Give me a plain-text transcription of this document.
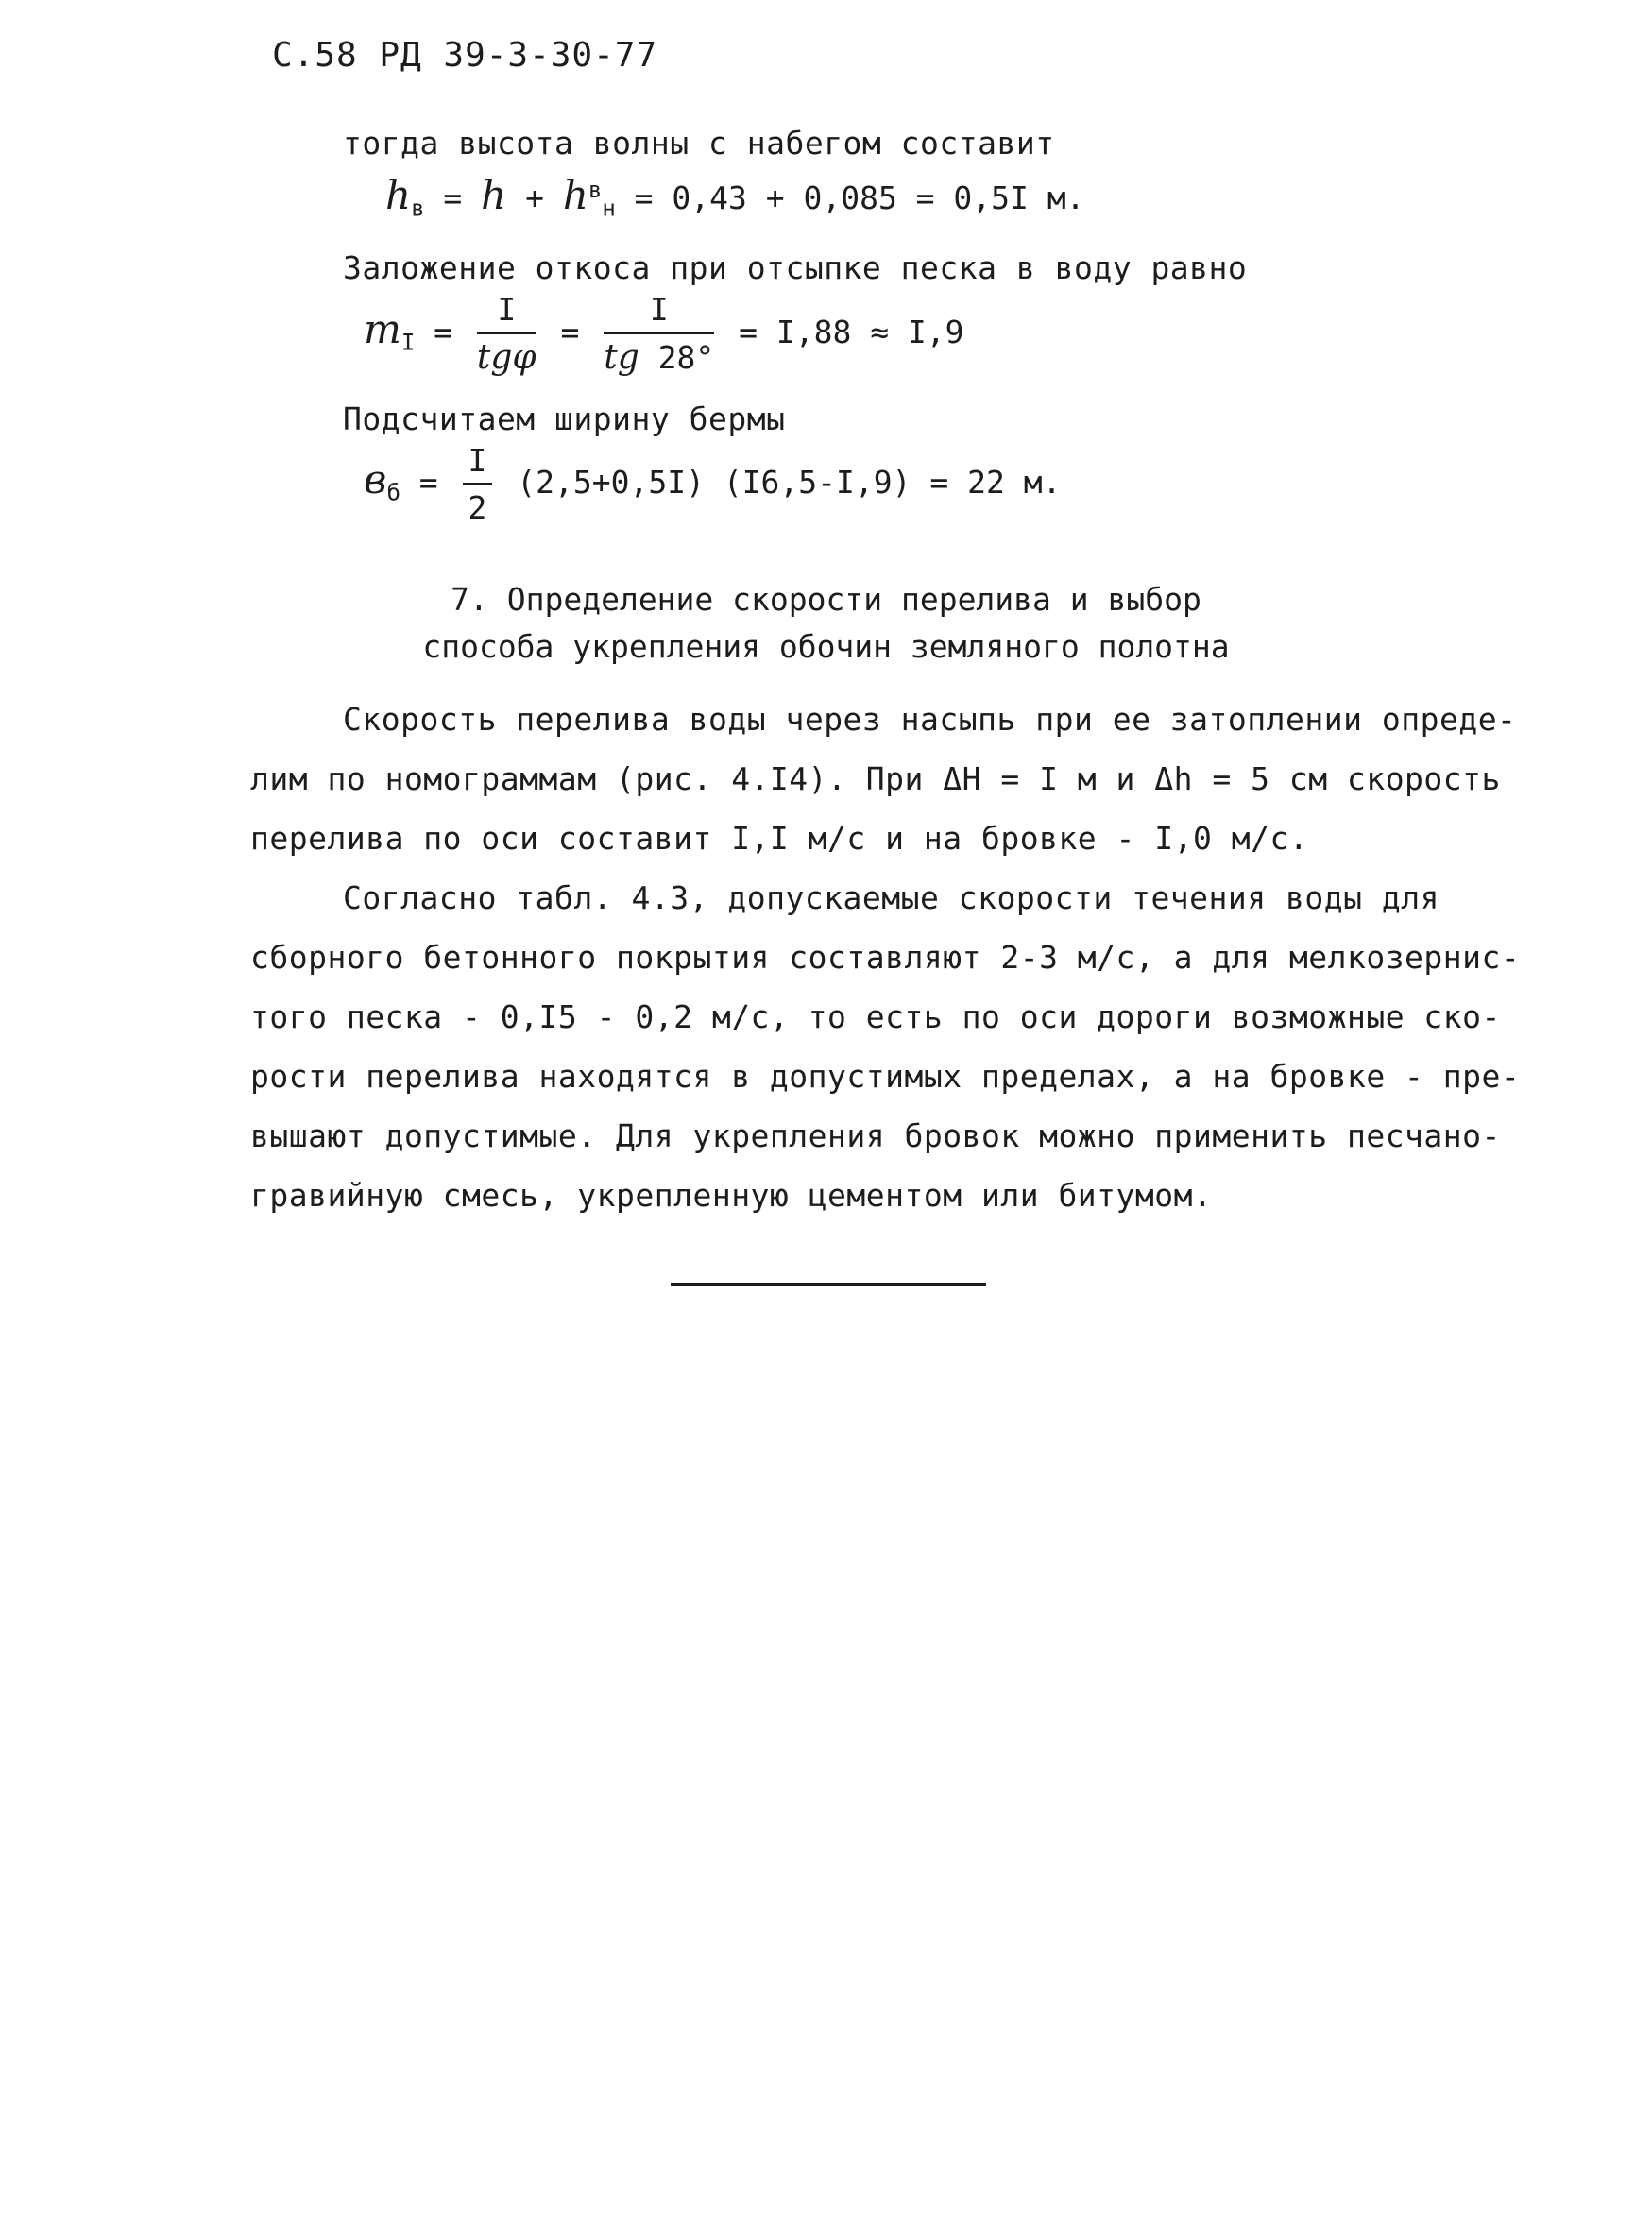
С.58 РД 39-3-30-77
тогда высота волны с набегом составит
$h_в = h + h^в_н = 0,43 + 0,085 = 0,5I$ м.
Заложение откоса при отсыпке песка в воду равно
$m_I = \frac{I}{\text{tgφ}} = \frac{I}{tg 28^\circ} = I,88 \approx I,9$
Подсчитаем ширину бермы
$в_б = \frac{I}{2} (2,5+0,5I) (I6,5-I,9) = 22$ м.
7. Определение скорости перелива и выбор
способа укрепления обочин земляного полотна
Скорость перелива воды через насыпь при ее затоплении опреде-
лим по номограммам (рис. 4.I4). При ΔH = I м и Δh = 5 см скорость
перелива по оси составит I,I м/с и на бровке - I,0 м/с.
Согласно табл. 4.3, допускаемые скорости течения воды для
сборного бетонного покрытия составляют 2-3 м/с, а для мелкозернис-
того песка - 0,I5 - 0,2 м/с, то есть по оси дороги возможные ско-
рости перелива находятся в допустимых пределах, а на бровке - пре-
вышают допустимые. Для укрепления бровок можно применить песчано-
гравийную смесь, укрепленную цементом или битумом.
